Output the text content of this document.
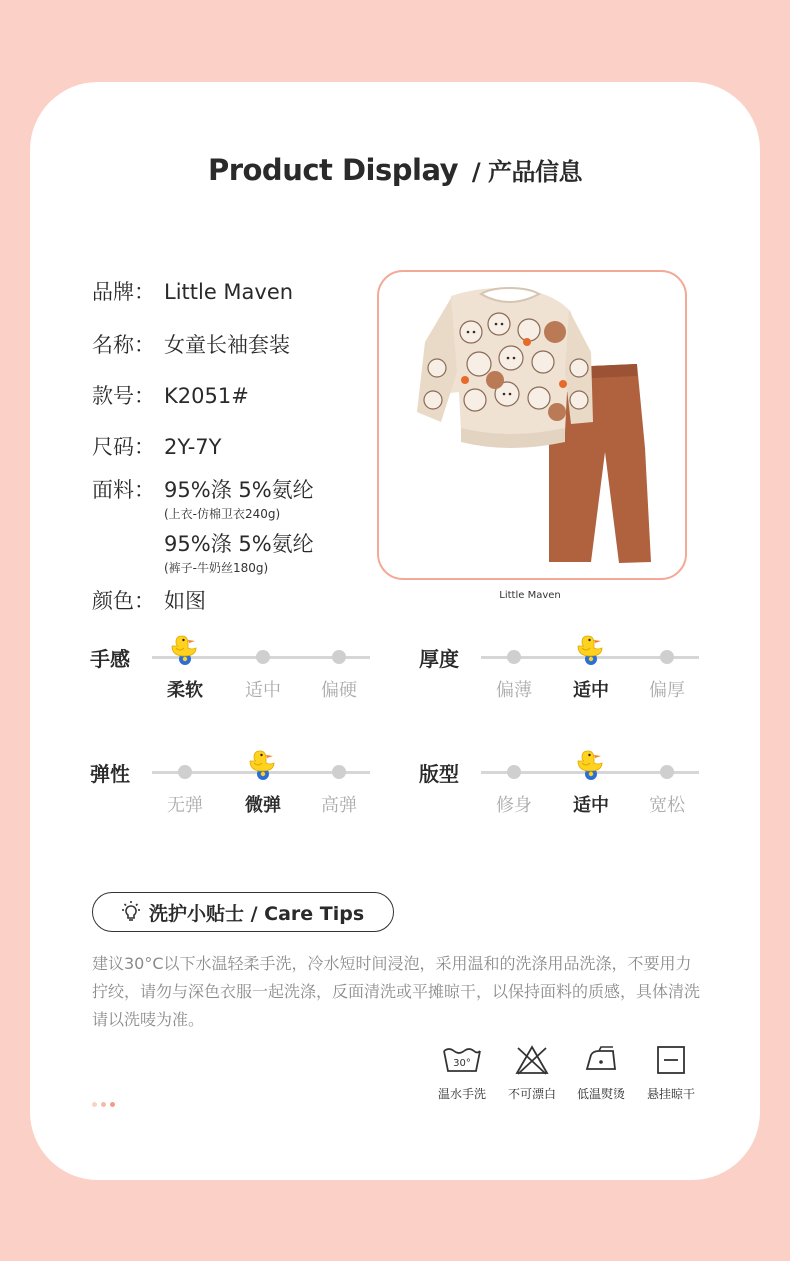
Product Display / 产品信息
品牌： Little Maven
名称： 女童长袖套装
款号： K2051#
尺码： 2Y-7Y
面料： 95%涤 5%氨纶
(上衣-仿棉卫衣240g)
95%涤 5%氨纶
(裤子-牛奶丝180g)
颜色： 如图	Little Maven
手感
柔软	适中	偏硬
厚度
偏薄	适中	偏厚
弹性
无弹	微弹	高弹
版型
修身	适中	宽松
洗护小贴士 / Care Tips
建议30°C以下水温轻柔手洗，冷水短时间浸泡，采用温和的洗涤用品洗涤，不要用力拧绞，请勿与深色衣服一起洗涤，反面清洗或平摊晾干，以保持面料的质感，具体清洗请以洗唛为准。
30°
温水手洗	不可漂白	低温熨烫	悬挂晾干
